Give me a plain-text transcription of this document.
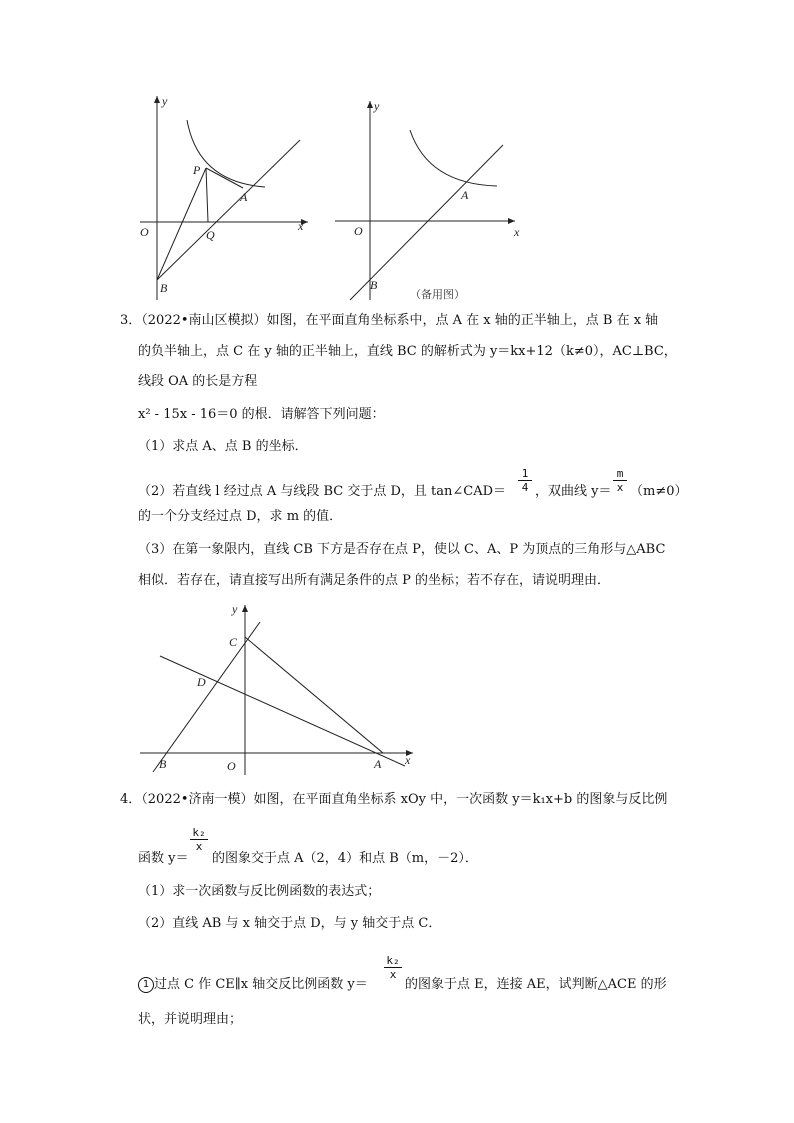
y
x
O
P
Q
A
B
y
x
O
A
B
（备用图）
3．（2022•南山区模拟）如图，在平面直角坐标系中，点 A 在 x 轴的正半轴上，点 B 在 x 轴
的负半轴上，点 C 在 y 轴的正半轴上，直线 BC 的解析式为 y＝kx+12（k≠0），AC⊥BC，
线段 OA 的长是方程
x² - 15x - 16＝0 的根．请解答下列问题：
（1）求点 A、点 B 的坐标．
（2）若直线 l 经过点 A 与线段 BC 交于点 D，且 tan∠CAD＝ $\frac{1}{4}$ ，双曲线 $y= \frac{m}{x} (m\ne 0)$
的一个分支经过点 D，求 m 的值．
（3）在第一象限内，直线 CB 下方是否存在点 P，使以 C、A、P 为顶点的三角形与△ABC
相似．若存在，请直接写出所有满足条件的点 P 的坐标；若不存在，请说明理由．
y
x
O
C
D
A
B
4．（2022•济南一模）如图，在平面直角坐标系 xOy 中，一次函数 y＝k₁x+b 的图象与反比例
$\frac{\text{k₂}}{x}$
函数 y＝ 的图象交于点 A（2，4）和点 B（m，－2）．
（1）求一次函数与反比例函数的表达式；
（2）直线 AB 与 x 轴交于点 D，与 y 轴交于点 C．
$\frac{\text{k₂}}{x}$
1 过点 C 作 CE∥x 轴交反比例函数 y＝	的图象于点 E，连接 AE，试判断△ACE 的形
状，并说明理由；
